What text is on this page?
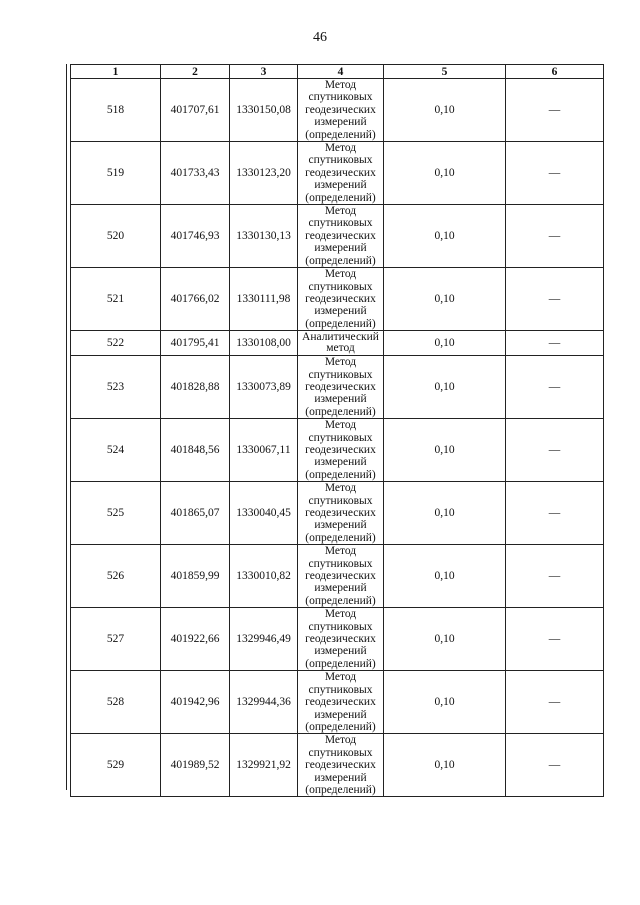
46
1	2	3	4	5	6
518	401707,61	1330150,08	Метод
спутниковых
геодезических
измерений
(определений)	0,10	—
519	401733,43	1330123,20	Метод
спутниковых
геодезических
измерений
(определений)	0,10	—
520	401746,93	1330130,13	Метод
спутниковых
геодезических
измерений
(определений)	0,10	—
521	401766,02	1330111,98	Метод
спутниковых
геодезических
измерений
(определений)	0,10	—
522	401795,41	1330108,00	Аналитический
метод	0,10	—
523	401828,88	1330073,89	Метод
спутниковых
геодезических
измерений
(определений)	0,10	—
524	401848,56	1330067,11	Метод
спутниковых
геодезических
измерений
(определений)	0,10	—
525	401865,07	1330040,45	Метод
спутниковых
геодезических
измерений
(определений)	0,10	—
526	401859,99	1330010,82	Метод
спутниковых
геодезических
измерений
(определений)	0,10	—
527	401922,66	1329946,49	Метод
спутниковых
геодезических
измерений
(определений)	0,10	—
528	401942,96	1329944,36	Метод
спутниковых
геодезических
измерений
(определений)	0,10	—
529	401989,52	1329921,92	Метод
спутниковых
геодезических
измерений
(определений)	0,10	—
